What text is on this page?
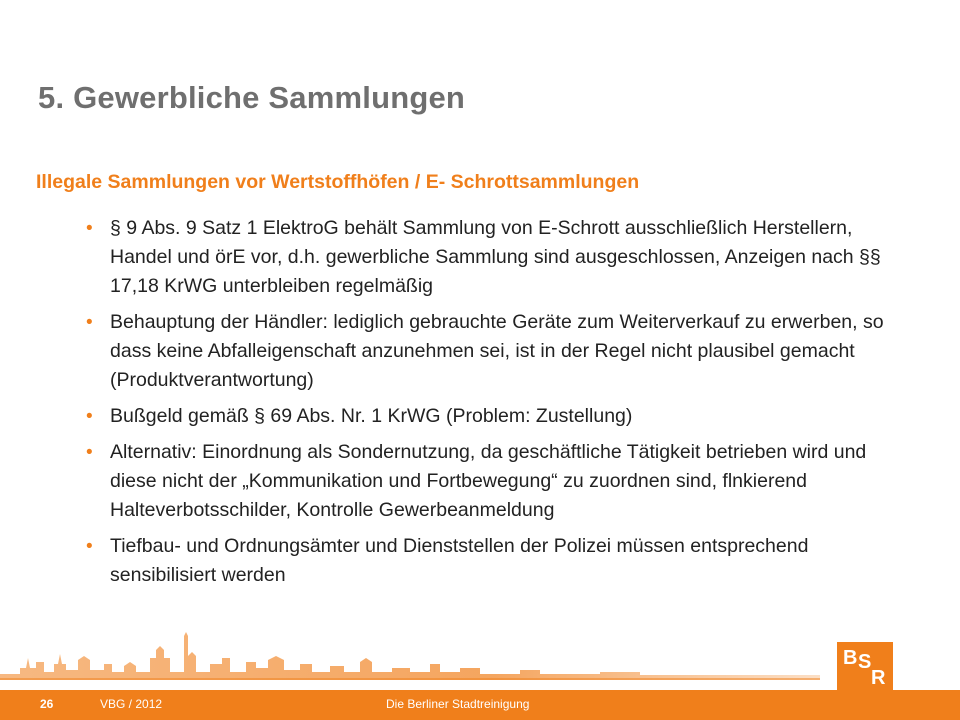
5. Gewerbliche Sammlungen
Illegale Sammlungen vor Wertstoffhöfen / E- Schrottsammlungen
• § 9 Abs. 9 Satz 1 ElektroG behält Sammlung von E-Schrott ausschließlich Herstellern, Handel und örE vor, d.h. gewerbliche Sammlung sind ausgeschlossen, Anzeigen nach §§ 17,18 KrWG unterbleiben regelmäßig
• Behauptung der Händler: lediglich gebrauchte Geräte zum Weiterverkauf zu erwerben, so dass keine Abfalleigenschaft anzunehmen sei, ist in der Regel nicht plausibel gemacht (Produktverantwortung)
• Bußgeld gemäß § 69 Abs. Nr. 1 KrWG (Problem: Zustellung)
• Alternativ: Einordnung als Sondernutzung, da geschäftliche Tätigkeit betrieben wird und diese nicht der „Kommunikation und Fortbewegung“ zu zuordnen sind, flnkierend Halteverbotsschilder, Kontrolle Gewerbeanmeldung
• Tiefbau- und Ordnungsämter und Dienststellen der Polizei müssen entsprechend sensibilisiert werden
B S
R
26	VBG / 2012	Die Berliner Stadtreinigung
